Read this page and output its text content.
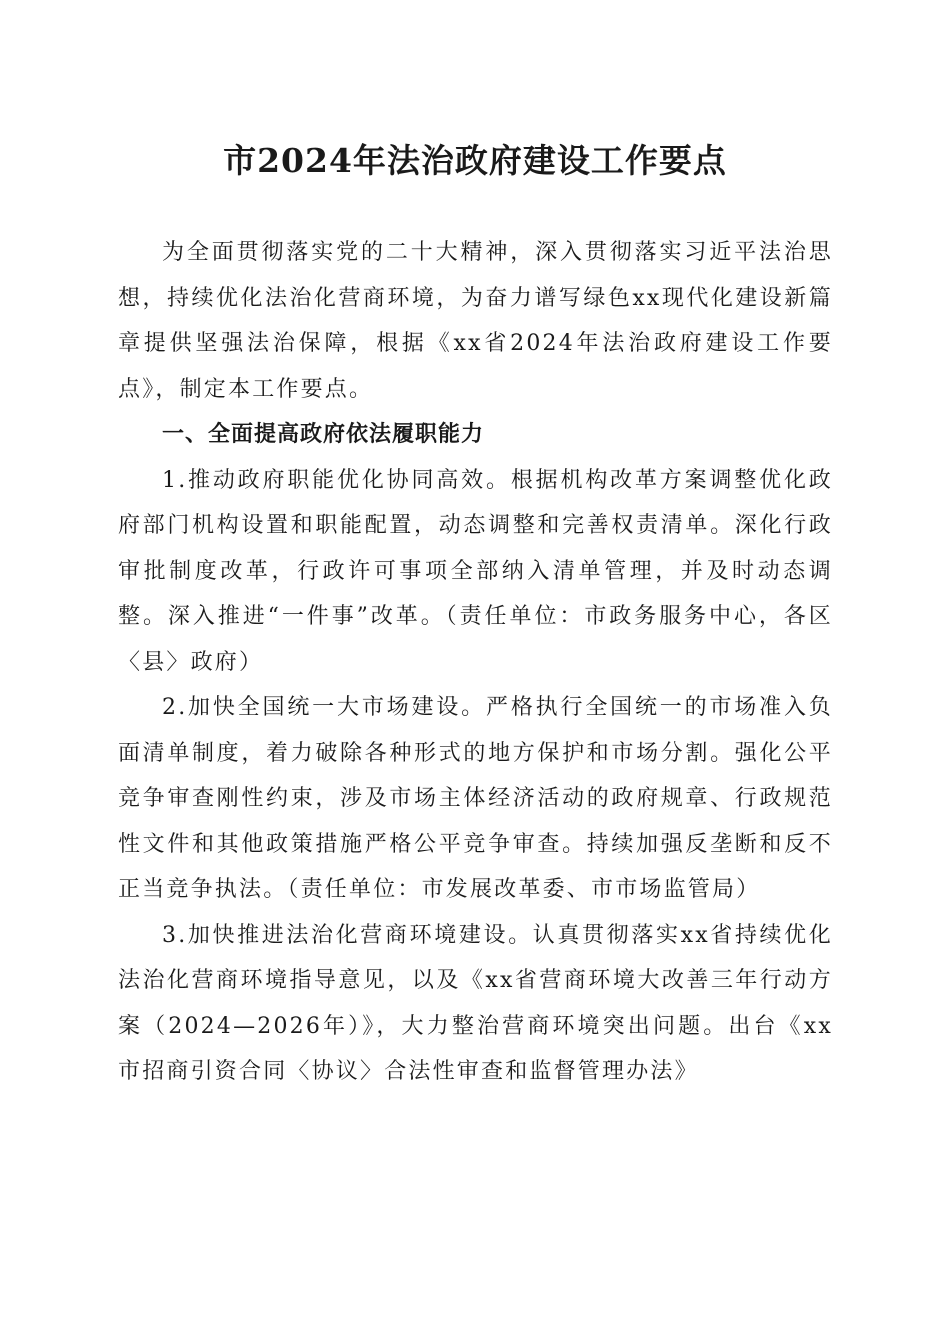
市2024年法治政府建设工作要点

为全面贯彻落实党的二十大精神，深入贯彻落实习近平法治思想，持续优化法治化营商环境，为奋力谱写绿色xx现代化建设新篇章提供坚强法治保障，根据《xx省2024年法治政府建设工作要点》，制定本工作要点。

一、全面提高政府依法履职能力

1.推动政府职能优化协同高效。根据机构改革方案调整优化政府部门机构设置和职能配置，动态调整和完善权责清单。深化行政审批制度改革，行政许可事项全部纳入清单管理，并及时动态调整。深入推进“一件事”改革。（责任单位：市政务服务中心，各区〈县〉政府）

2.加快全国统一大市场建设。严格执行全国统一的市场准入负面清单制度，着力破除各种形式的地方保护和市场分割。强化公平竞争审查刚性约束，涉及市场主体经济活动的政府规章、行政规范性文件和其他政策措施严格公平竞争审查。持续加强反垄断和反不正当竞争执法。（责任单位：市发展改革委、市市场监管局）

3.加快推进法治化营商环境建设。认真贯彻落实xx省持续优化法治化营商环境指导意见，以及《xx省营商环境大改善三年行动方案（2024—2026年）》，大力整治营商环境突出问题。出台《xx市招商引资合同〈协议〉合法性审查和监督管理办法》
